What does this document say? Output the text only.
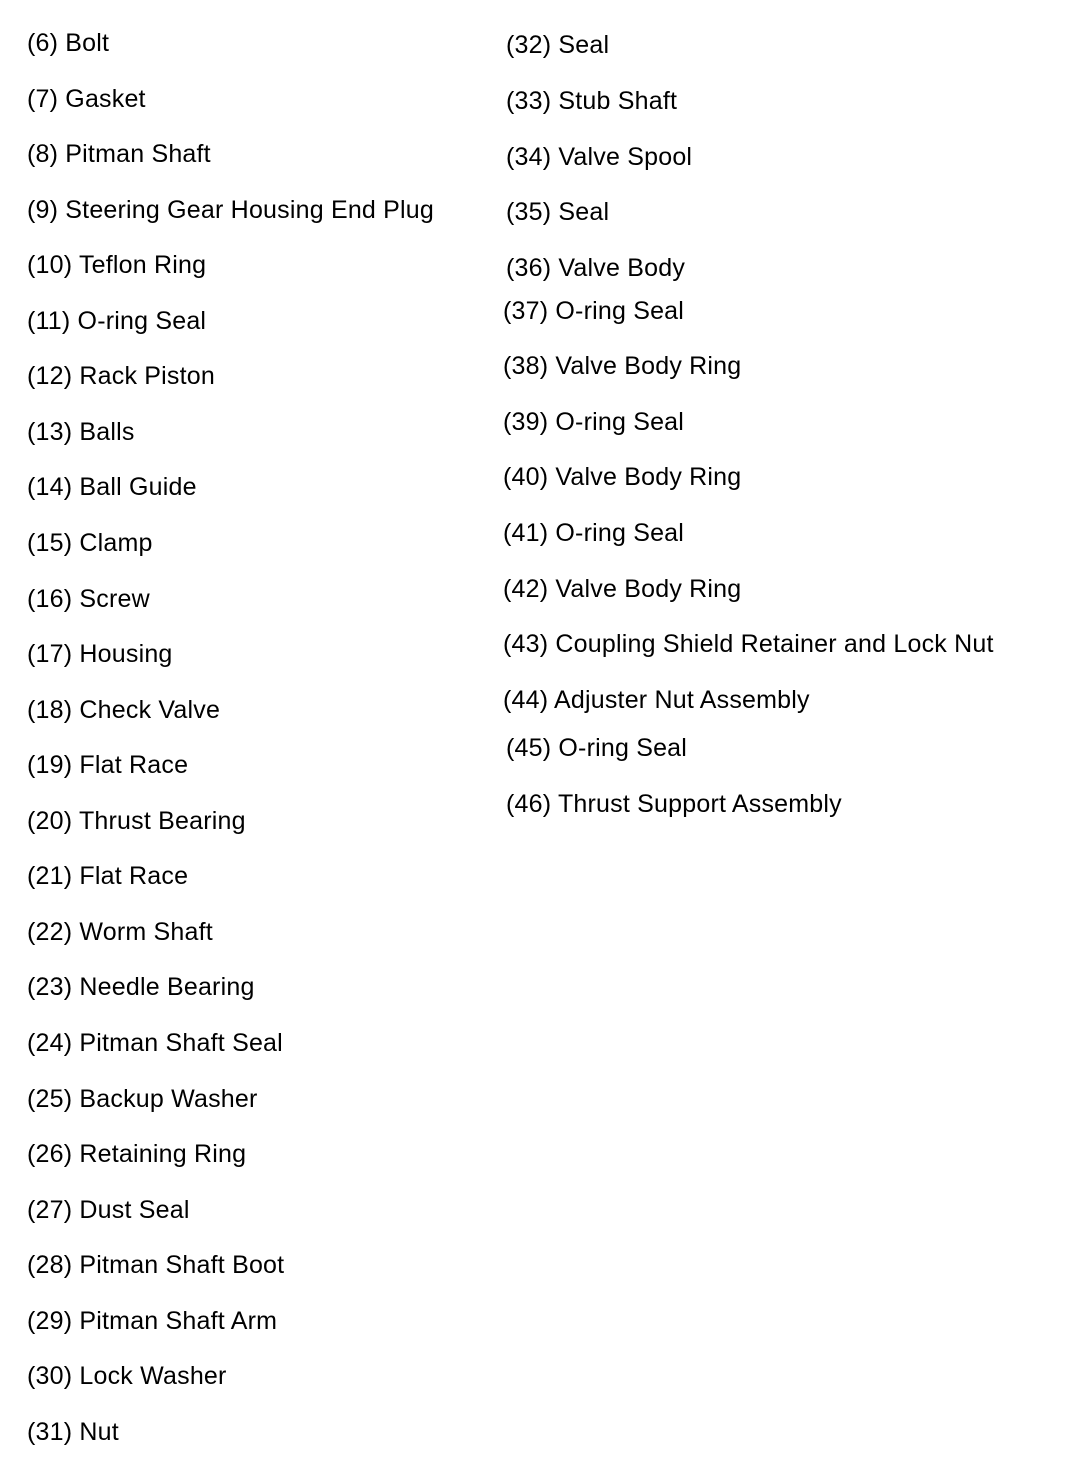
(6) Bolt
(7) Gasket
(8) Pitman Shaft
(9) Steering Gear Housing End Plug
(10) Teflon Ring
(11) O-ring Seal
(12) Rack Piston
(13) Balls
(14) Ball Guide
(15) Clamp
(16) Screw
(17) Housing
(18) Check Valve
(19) Flat Race
(20) Thrust Bearing
(21) Flat Race
(22) Worm Shaft
(23) Needle Bearing
(24) Pitman Shaft Seal
(25) Backup Washer
(26) Retaining Ring
(27) Dust Seal
(28) Pitman Shaft Boot
(29) Pitman Shaft Arm
(30) Lock Washer
(31) Nut
(32) Seal
(33) Stub Shaft
(34) Valve Spool
(35) Seal
(36) Valve Body
(37) O-ring Seal
(38) Valve Body Ring
(39) O-ring Seal
(40) Valve Body Ring
(41) O-ring Seal
(42) Valve Body Ring
(43) Coupling Shield Retainer and Lock Nut
(44) Adjuster Nut Assembly
(45) O-ring Seal
(46) Thrust Support Assembly
